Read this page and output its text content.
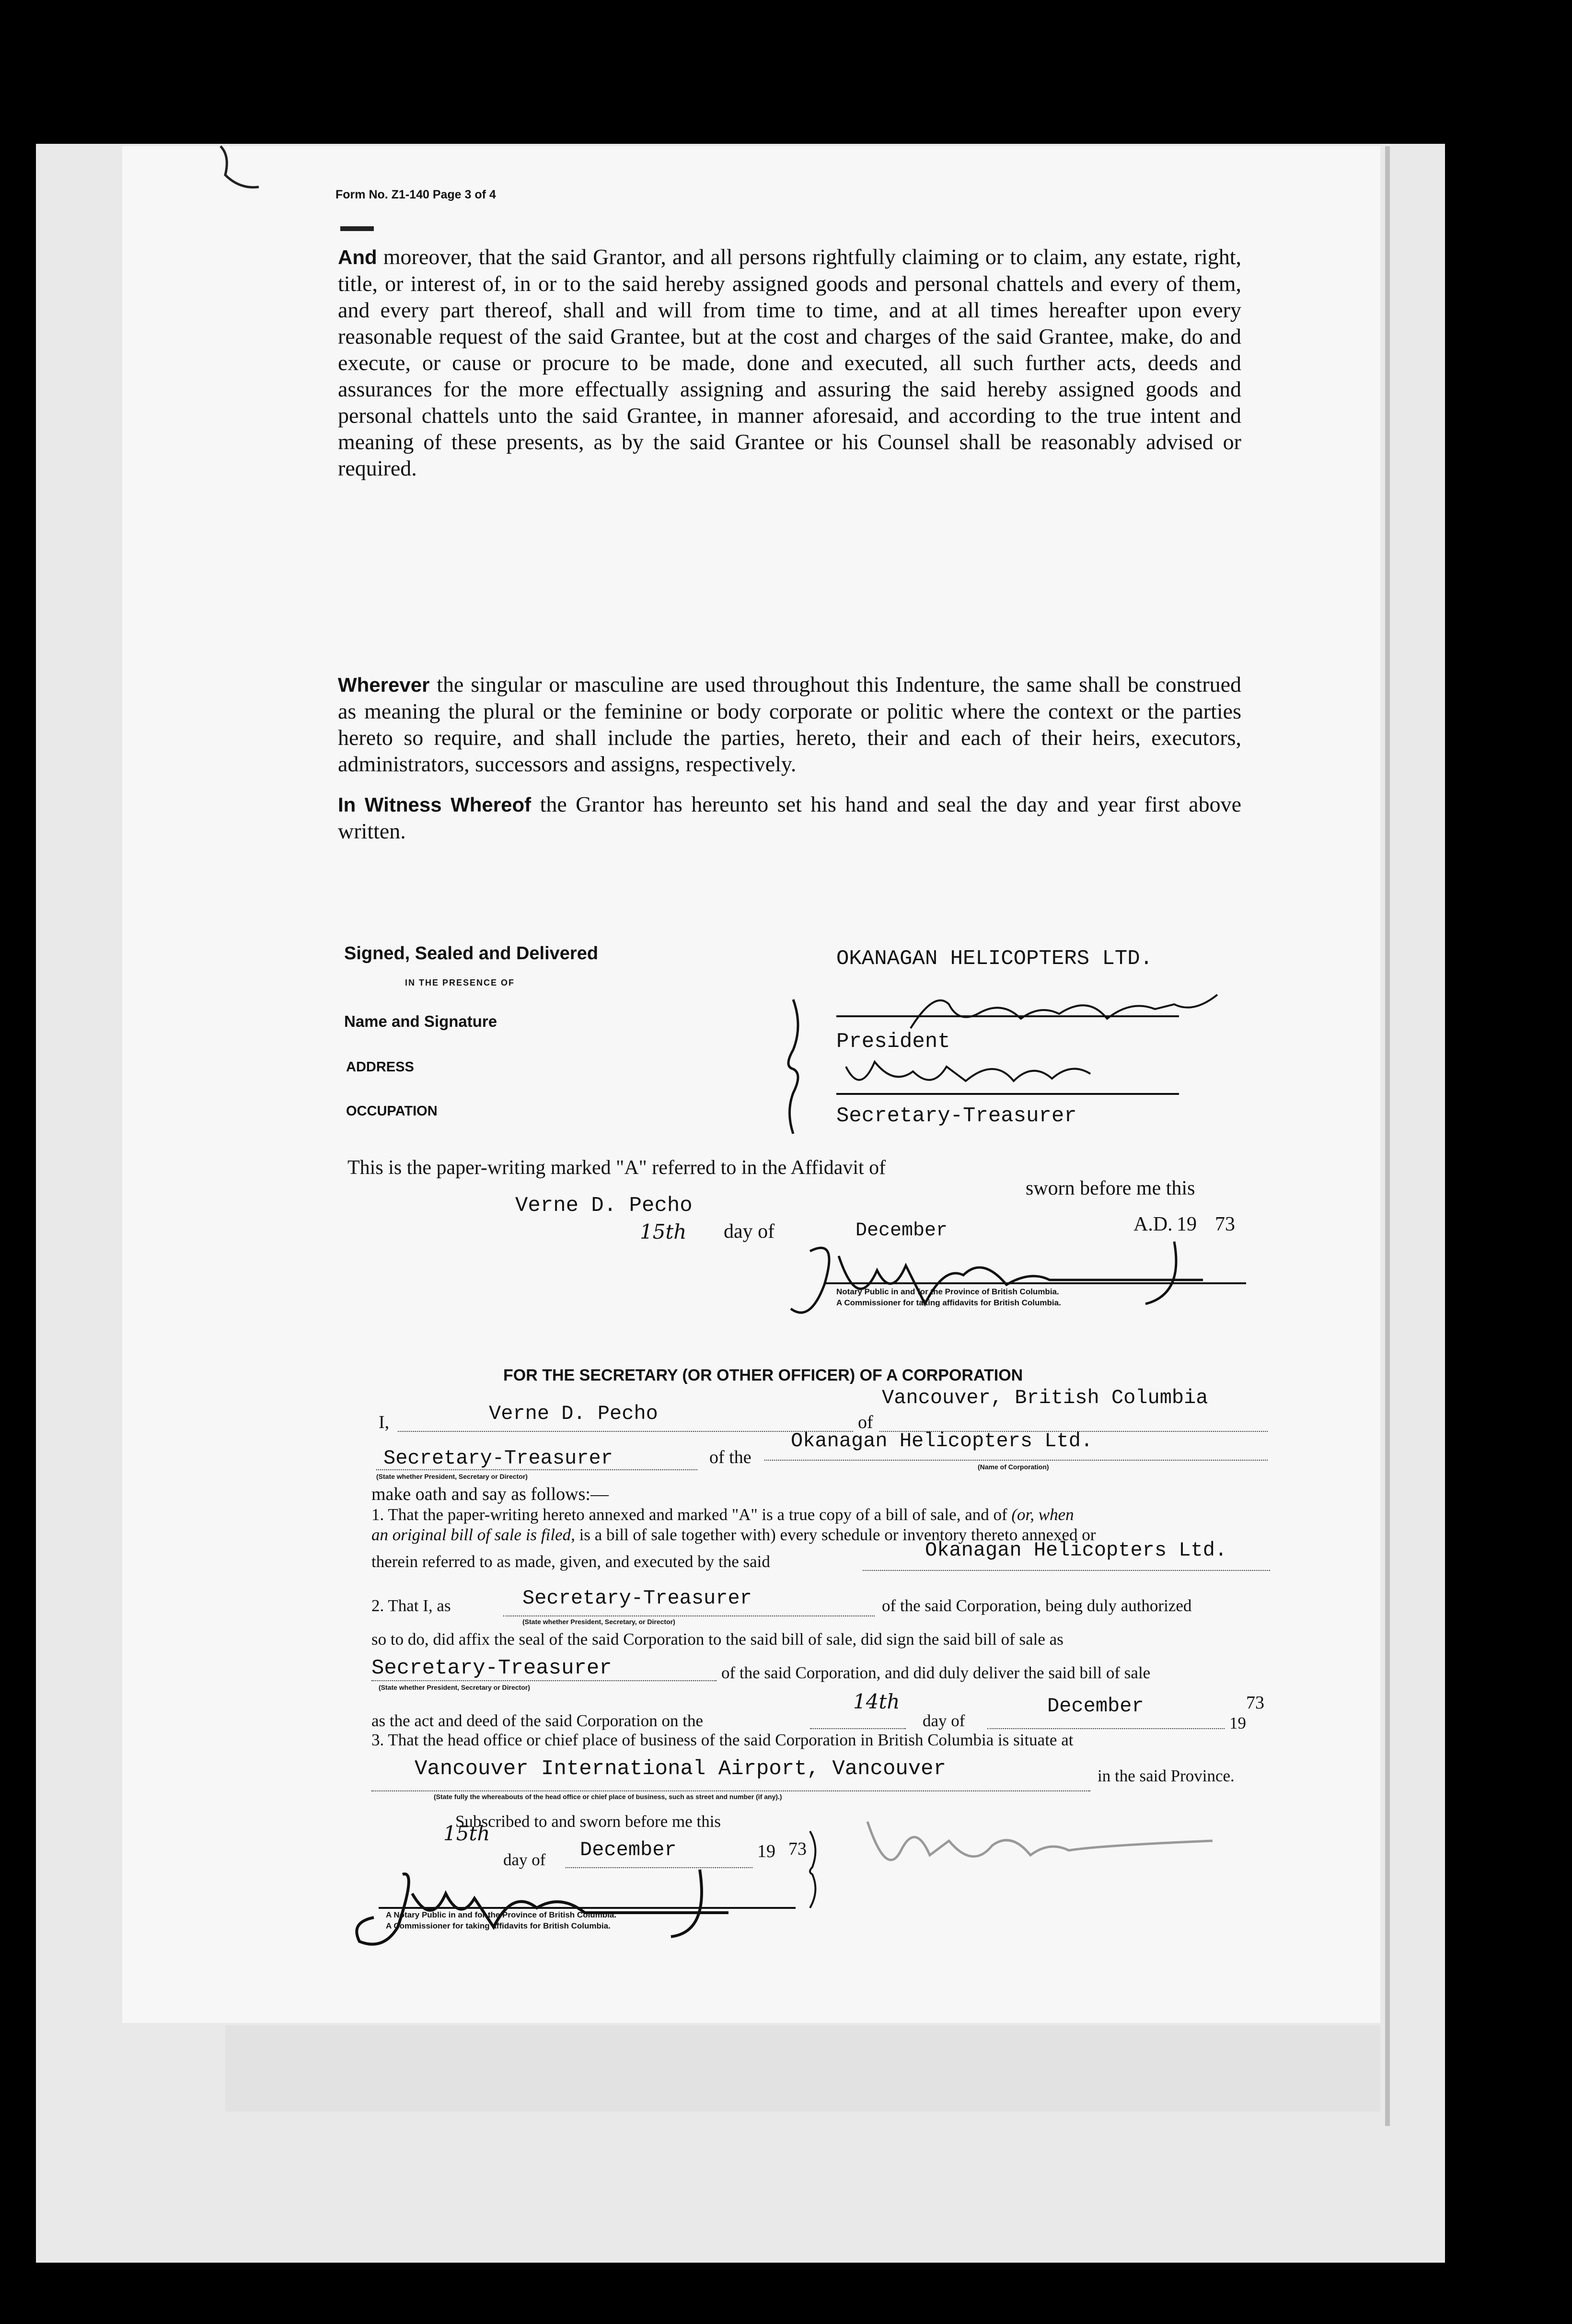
Form No. Z1-140 Page 3 of 4
And moreover, that the said Grantor, and all persons rightfully claiming or to claim, any estate, right, title, or interest of, in or to the said hereby assigned goods and personal chattels and every of them, and every part thereof, shall and will from time to time, and at all times hereafter upon every reasonable request of the said Grantee, but at the cost and charges of the said Grantee, make, do and execute, or cause or procure to be made, done and executed, all such further acts, deeds and assurances for the more effectually assigning and assuring the said hereby assigned goods and personal chattels unto the said Grantee, in manner aforesaid, and according to the true intent and meaning of these presents, as by the said Grantee or his Counsel shall be reasonably advised or required.
Wherever the singular or masculine are used throughout this Indenture, the same shall be construed as meaning the plural or the feminine or body corporate or politic where the context or the parties hereto so require, and shall include the parties, hereto, their and each of their heirs, executors, administrators, successors and assigns, respectively.
In Witness Whereof the Grantor has hereunto set his hand and seal the day and year first above written.
Signed, Sealed and Delivered
IN THE PRESENCE OF
Name and Signature
ADDRESS
OCCUPATION
OKANAGAN HELICOPTERS LTD.
President
Secretary-Treasurer
This is the paper-writing marked "A" referred to in the Affidavit of
Verne D. Pecho
sworn before me this
15th day of	December	A.D. 19 73
Notary Public in and for the Province of British Columbia.
A Commissioner for taking affidavits for British Columbia.
FOR THE SECRETARY (OR OTHER OFFICER) OF A CORPORATION
I,	Verne D. Pecho	of
Vancouver, British Columbia
Secretary-Treasurer
(State whether President, Secretary or Director)
of the
Okanagan Helicopters Ltd.
(Name of Corporation)
make oath and say as follows:—
1. That the paper-writing hereto annexed and marked "A" is a true copy of a bill of sale, and of (or, when
an original bill of sale is filed, is a bill of sale together with) every schedule or inventory thereto annexed or
therein referred to as made, given, and executed by the said	Okanagan Helicopters Ltd.
2. That I, as	Secretary-Treasurer
(State whether President, Secretary, or Director)
of the said Corporation, being duly authorized
so to do, did affix the seal of the said Corporation to the said bill of sale, did sign the said bill of sale as
Secretary-Treasurer
(State whether President, Secretary or Director)
of the said Corporation, and did duly deliver the said bill of sale
as the act and deed of the said Corporation on the
14th
day of
December
19
73
3. That the head office or chief place of business of the said Corporation in British Columbia is situate at
Vancouver International Airport, Vancouver
(State fully the whereabouts of the head office or chief place of business, such as street and number (if any).)
in the said Province.
Subscribed to and sworn before me this
15th
day of December	19 73
A Notary Public in and for the Province of British Columbia.
A Commissioner for taking affidavits for British Columbia.
